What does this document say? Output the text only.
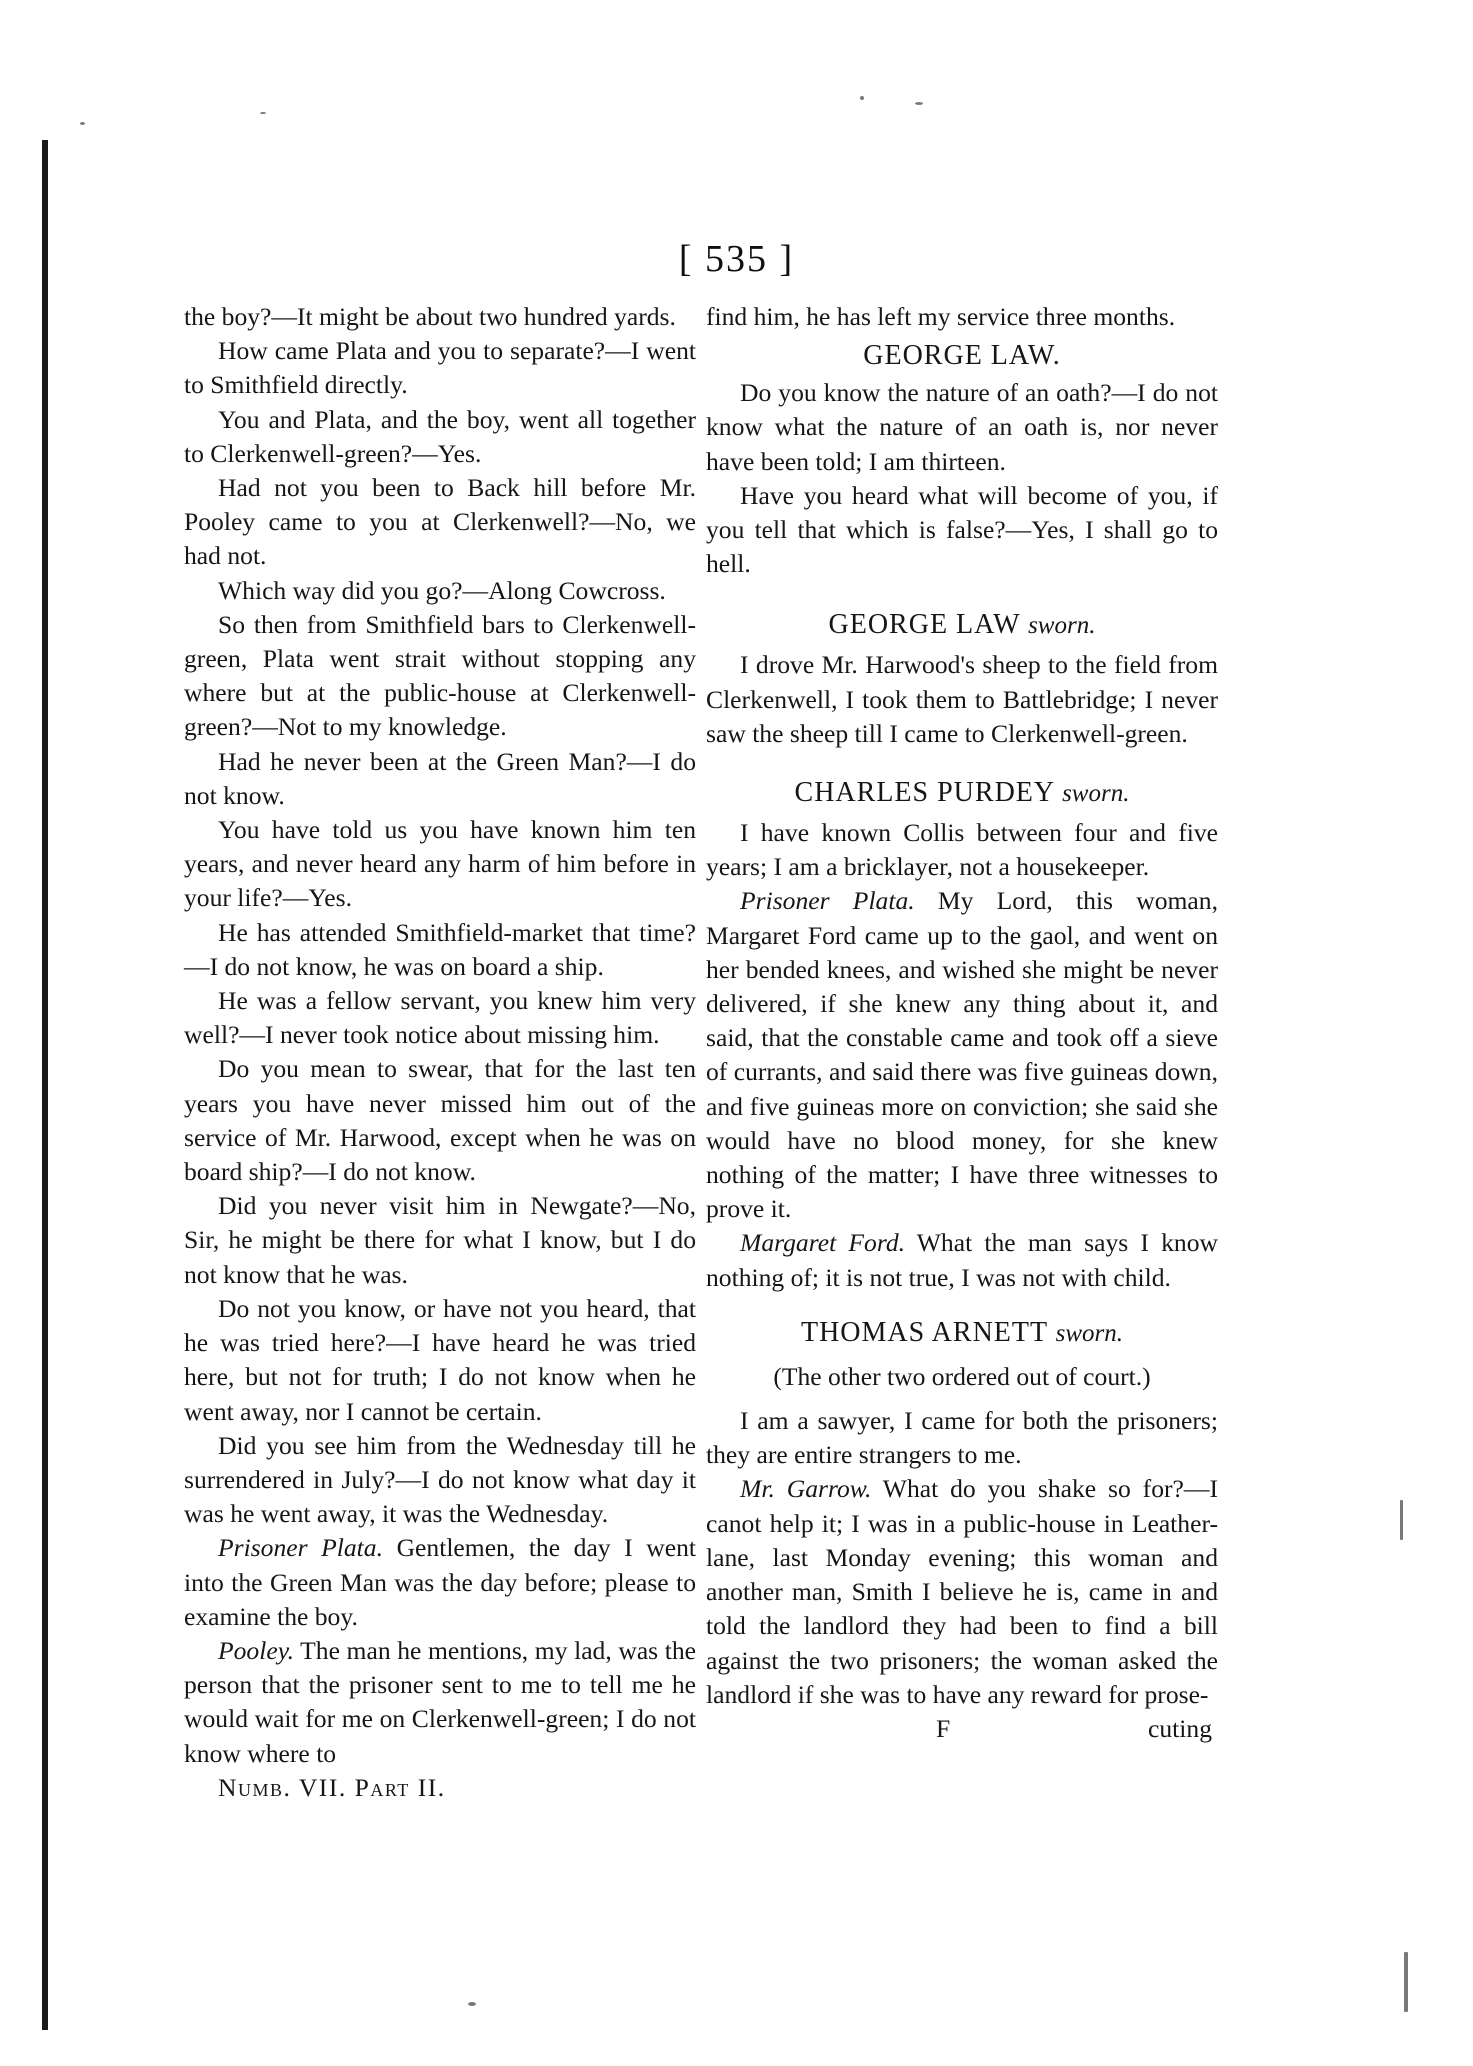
[ 535 ]

the boy?—It might be about two hundred yards.

How came Plata and you to separate?—I went to Smithfield directly.

You and Plata, and the boy, went all together to Clerkenwell-green?—Yes.

Had not you been to Back hill before Mr. Pooley came to you at Clerkenwell?—No, we had not.

Which way did you go?—Along Cowcross.

So then from Smithfield bars to Clerkenwell-green, Plata went strait without stopping any where but at the public-house at Clerkenwell-green?—Not to my knowledge.

Had he never been at the Green Man?—I do not know.

You have told us you have known him ten years, and never heard any harm of him before in your life?—Yes.

He has attended Smithfield-market that time?—I do not know, he was on board a ship.

He was a fellow servant, you knew him very well?—I never took notice about missing him.

Do you mean to swear, that for the last ten years you have never missed him out of the service of Mr. Harwood, except when he was on board ship?—I do not know.

Did you never visit him in Newgate?—No, Sir, he might be there for what I know, but I do not know that he was.

Do not you know, or have not you heard, that he was tried here?—I have heard he was tried here, but not for truth; I do not know when he went away, nor I cannot be certain.

Did you see him from the Wednesday till he surrendered in July?—I do not know what day it was he went away, it was the Wednesday.

Prisoner Plata. Gentlemen, the day I went into the Green Man was the day before; please to examine the boy.

Pooley. The man he mentions, my lad, was the person that the prisoner sent to me to tell me he would wait for me on Clerkenwell-green; I do not know where to

Numb. VII. Part II.

find him, he has left my service three months.

GEORGE LAW.

Do you know the nature of an oath?—I do not know what the nature of an oath is, nor never have been told; I am thirteen.

Have you heard what will become of you, if you tell that which is false?—Yes, I shall go to hell.

GEORGE LAW sworn.

I drove Mr. Harwood's sheep to the field from Clerkenwell, I took them to Battlebridge; I never saw the sheep till I came to Clerkenwell-green.

CHARLES PURDEY sworn.

I have known Collis between four and five years; I am a bricklayer, not a housekeeper.

Prisoner Plata. My Lord, this woman, Margaret Ford came up to the gaol, and went on her bended knees, and wished she might be never delivered, if she knew any thing about it, and said, that the constable came and took off a sieve of currants, and said there was five guineas down, and five guineas more on conviction; she said she would have no blood money, for she knew nothing of the matter; I have three witnesses to prove it.

Margaret Ford. What the man says I know nothing of; it is not true, I was not with child.

THOMAS ARNETT sworn.

(The other two ordered out of court.)

I am a sawyer, I came for both the prisoners; they are entire strangers to me.

Mr. Garrow. What do you shake so for?—I canot help it; I was in a public-house in Leather-lane, last Monday evening; this woman and another man, Smith I believe he is, came in and told the landlord they had been to find a bill against the two prisoners; the woman asked the landlord if she was to have any reward for prose-

F	cuting
